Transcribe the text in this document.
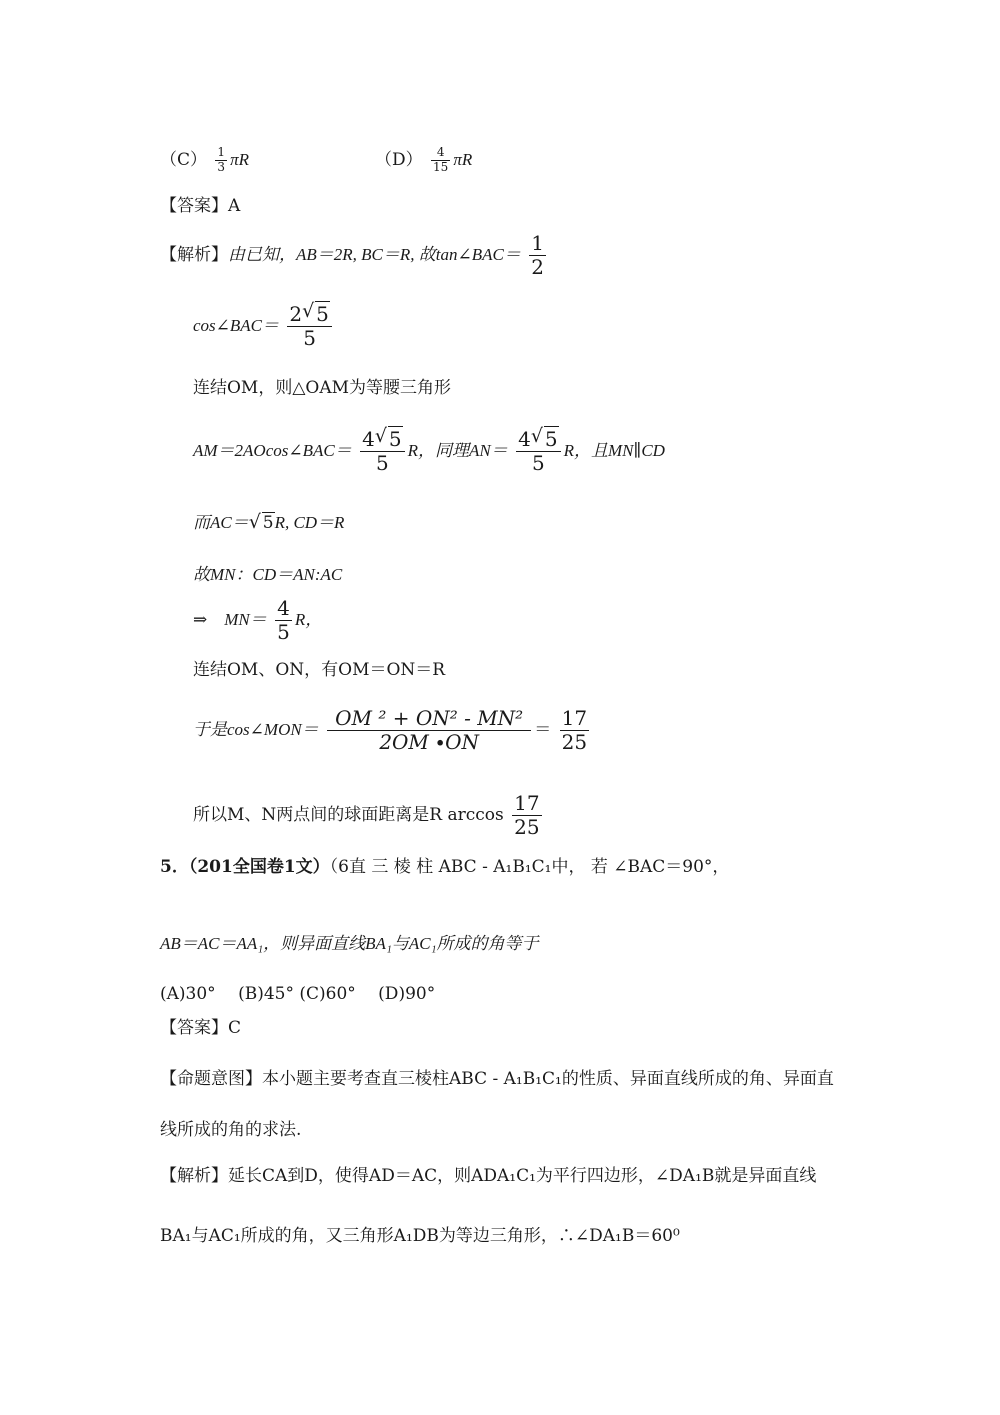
$(C) \frac{1}{3}$ πR	$(D) \frac{4}{15}$ πR
【答案】A
【解析】由已知，AB＝2R, BC＝R, 故tan∠BAC＝ $\frac{1}{2}$
cos∠BAC＝ $\frac{2 √ 5}{5}$
连结OM，则△OAM为等腰三角形
AM＝2AOcos∠BAC＝ $\frac{4 √ 5}{5}$ R，同理$AN= \frac{4 √ 5}{5}$ R，且MN∥CD
而AC＝ √ 5R, CD＝R
故MN：CD＝AN:AC
⇒　$MN= \frac{4}{5}$ R，
连结OM、ON，有OM＝ON＝R
于是cos∠MON＝ $\frac{\text{OM ² + ON² - MN²}}{2OM \cdot ON} = \frac{17}{25}$
所以M、N两点间的球面距离是R $\arccos \frac{17}{25}$
5．（201全国卷1文）（6直 三 棱 柱 ABC - A₁B₁C₁中， 若 ∠BAC＝90°，
AB＝AC＝AA₁，则异面直线BA₁与AC₁所成的角等于
(A)30°　 (B)45° (C)60°　 (D)90°
【答案】C
【命题意图】本小题主要考查直三棱柱ABC - A₁B₁C₁的性质、异面直线所成的角、异面直
线所成的角的求法.
【解析】延长CA到D，使得AD＝AC，则ADA₁C₁为平行四边形，∠DA₁B就是异面直线
BA₁与AC₁所成的角，又三角形A₁DB为等边三角形，∴∠DA₁B＝60⁰
